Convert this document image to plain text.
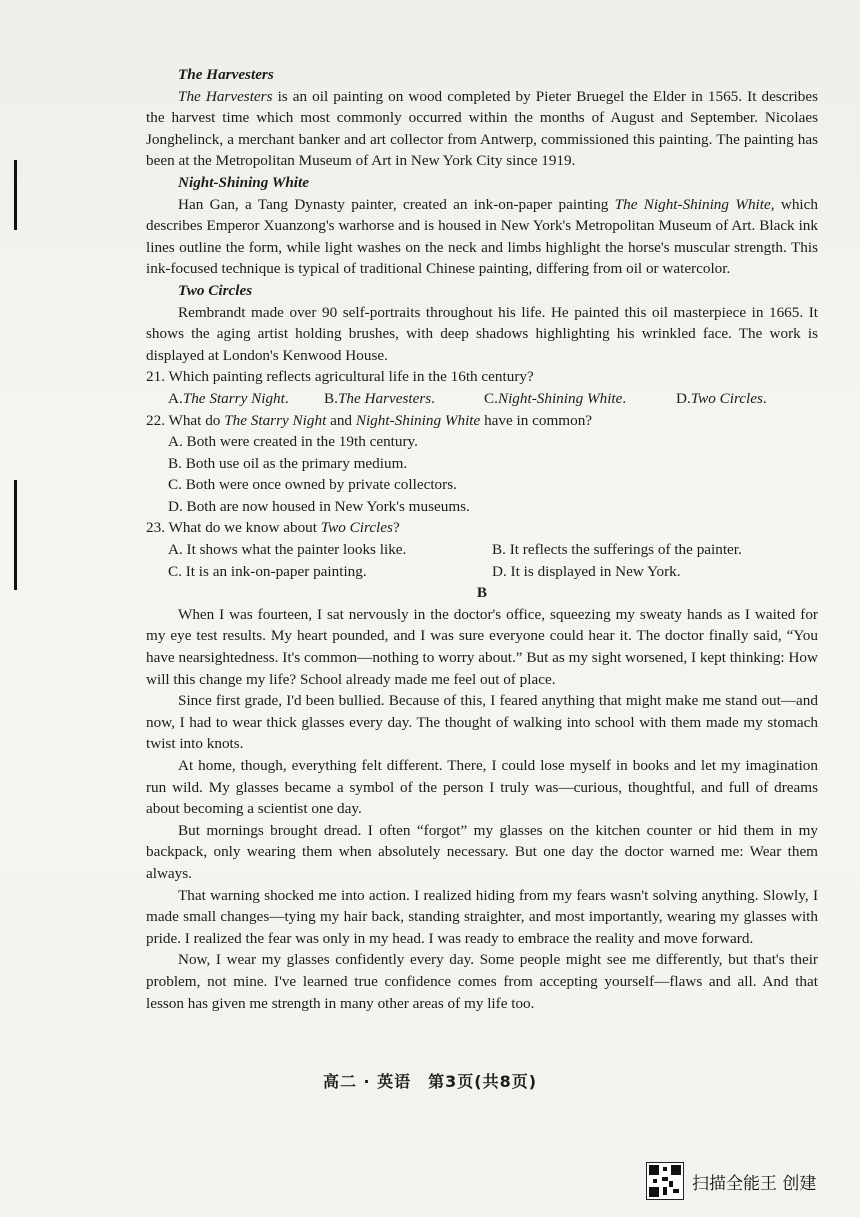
The Harvesters

The Harvesters is an oil painting on wood completed by Pieter Bruegel the Elder in 1565. It describes the harvest time which most commonly occurred within the months of August and September. Nicolaes Jonghelinck, a merchant banker and art collector from Antwerp, commissioned this painting. The painting has been at the Metropolitan Museum of Art in New York City since 1919.

Night-Shining White

Han Gan, a Tang Dynasty painter, created an ink-on-paper painting The Night-Shining White, which describes Emperor Xuanzong's warhorse and is housed in New York's Metropolitan Museum of Art. Black ink lines outline the form, while light washes on the neck and limbs highlight the horse's muscular strength. This ink-focused technique is typical of traditional Chinese painting, differing from oil or watercolor.

Two Circles

Rembrandt made over 90 self-portraits throughout his life. He painted this oil masterpiece in 1665. It shows the aging artist holding brushes, with deep shadows highlighting his wrinkled face. The work is displayed at London's Kenwood House.

21. Which painting reflects agricultural life in the 16th century?

A.The Starry Night.	B.The Harvesters.	C.Night-Shining White.	D.Two Circles.

22. What do The Starry Night and Night-Shining White have in common?

A. Both were created in the 19th century.

B. Both use oil as the primary medium.

C. Both were once owned by private collectors.

D. Both are now housed in New York's museums.

23. What do we know about Two Circles?

A. It shows what the painter looks like.	B. It reflects the sufferings of the painter.
C. It is an ink-on-paper painting.	D. It is displayed in New York.

B

When I was fourteen, I sat nervously in the doctor's office, squeezing my sweaty hands as I waited for my eye test results. My heart pounded, and I was sure everyone could hear it. The doctor finally said, “You have nearsightedness. It's common—nothing to worry about.” But as my sight worsened, I kept thinking: How will this change my life? School already made me feel out of place.

Since first grade, I'd been bullied. Because of this, I feared anything that might make me stand out—and now, I had to wear thick glasses every day. The thought of walking into school with them made my stomach twist into knots.

At home, though, everything felt different. There, I could lose myself in books and let my imagination run wild. My glasses became a symbol of the person I truly was—curious, thoughtful, and full of dreams about becoming a scientist one day.

But mornings brought dread. I often “forgot” my glasses on the kitchen counter or hid them in my backpack, only wearing them when absolutely necessary. But one day the doctor warned me: Wear them always.

That warning shocked me into action. I realized hiding from my fears wasn't solving anything. Slowly, I made small changes—tying my hair back, standing straighter, and most importantly, wearing my glasses with pride. I realized the fear was only in my head. I was ready to embrace the reality and move forward.

Now, I wear my glasses confidently every day. Some people might see me differently, but that's their problem, not mine. I've learned true confidence comes from accepting yourself—flaws and all. And that lesson has given me strength in many other areas of my life too.

高二 · 英语　第3页(共8页)
扫描全能王 创建
